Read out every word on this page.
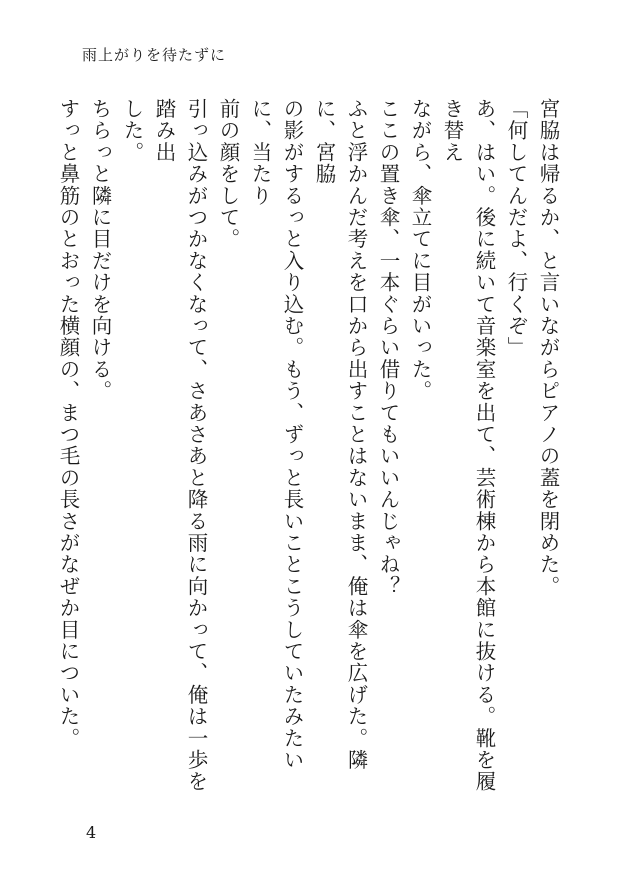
雨上がりを待たずに

宮脇は帰るか、と言いながらピアノの蓋を閉めた。

「何してんだよ、行くぞ」

あ、はい。後に続いて音楽室を出て、芸術棟から本館に抜ける。靴を履き替え

ながら、傘立てに目がいった。

ここの置き傘、一本ぐらい借りてもいいんじゃね？

ふと浮かんだ考えを口から出すことはないまま、俺は傘を広げた。隣に、宮脇

の影がするっと入り込む。もう、ずっと長いことこうしていたみたいに、当たり

前の顔をして。

引っ込みがつかなくなって、さあさあと降る雨に向かって、俺は一歩を踏み出

した。

ちらっと隣に目だけを向ける。

すっと鼻筋のとおった横顔の、まつ毛の長さがなぜか目についた。

4
